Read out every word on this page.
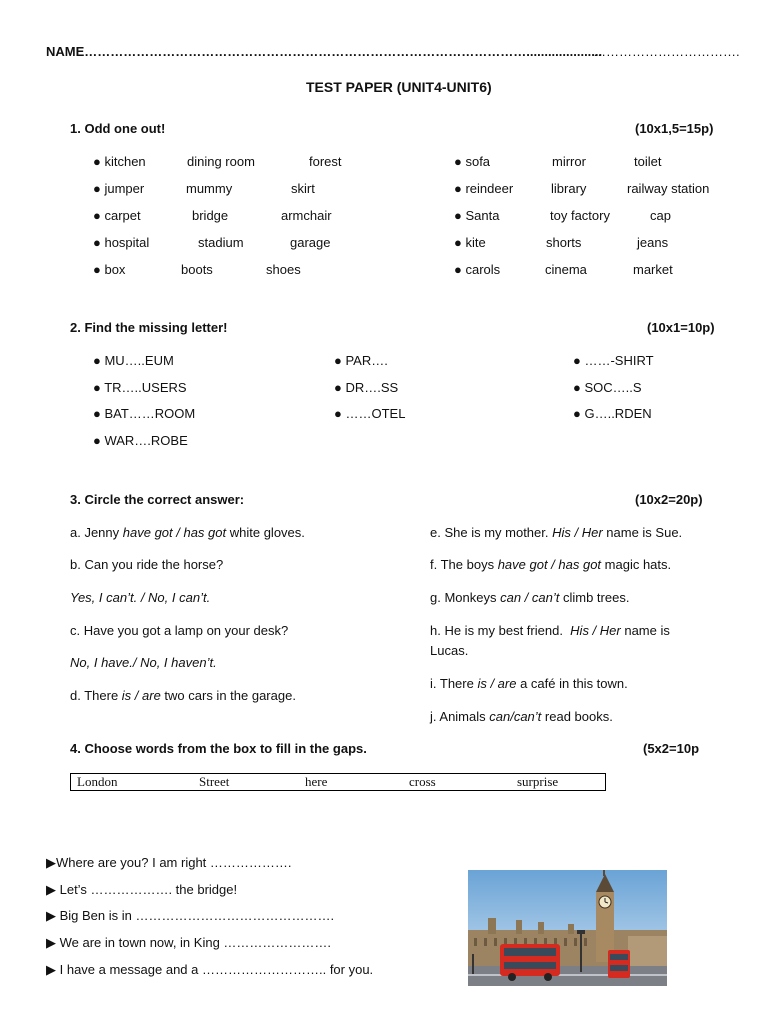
NAME………………………………………………………………………………………….....................
…………………………….
TEST PAPER (UNIT4-UNIT6)
1. Odd one out!	(10x1,5=15p)
● kitchen	dining room	forest
● jumper	mummy	skirt
● carpet	bridge	armchair
● hospital	stadium	garage
● box	boots	shoes
● sofa	mirror	toilet
● reindeer	library	railway station
● Santa	toy factory	cap
● kite	shorts	jeans
● carols	cinema	market
2. Find the missing letter!	(10x1=10p)
● MU…..EUM
● TR…..USERS
● BAT……ROOM
● WAR….ROBE
● PAR….
● DR….SS
● ……OTEL
● ……-SHIRT
● SOC…..S
● G…..RDEN
3. Circle the correct answer:	(10x2=20p)
a. Jenny have got / has got white gloves.
b. Can you ride the horse?
Yes, I can’t. / No, I can’t.
c. Have you got a lamp on your desk?
No, I have./ No, I haven’t.
d. There is / are two cars in the garage.
e. She is my mother. His / Her name is Sue.
f. The boys have got / has got magic hats.
g. Monkeys can / can’t climb trees.
h. He is my best friend.  His / Her name is
Lucas.
i. There is / are a café in this town.
j. Animals can/can’t read books.
4. Choose words from the box to fill in the gaps.	(5x2=10p
London	Street	here	cross	surprise
▶Where are you? I am right ……………….
▶ Let’s ………………. the bridge!
▶ Big Ben is in ……………………………………….
▶ We are in town now, in King …………………….
▶ I have a message and a ……………………….. for you.
